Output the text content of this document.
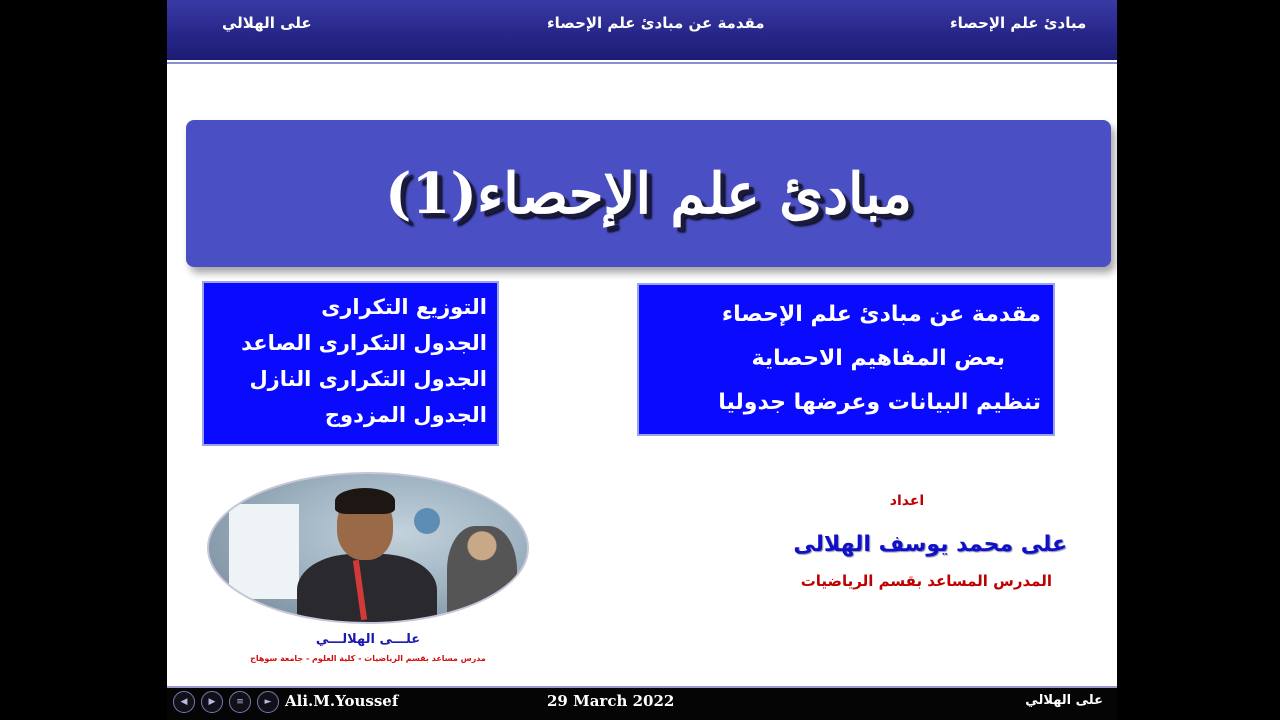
على الهلالي	مقدمة عن مبادئ علم الإحصاء	مبادئ علم الإحصاء
مبادئ علم الإحصاء(1)
التوزيع التكرارى
الجدول التكرارى الصاعد
الجدول التكرارى النازل
الجدول المزدوج
مقدمة عن مبادئ علم الإحصاء
بعض المفاهيم الاحصاية
تنظيم البيانات وعرضها جدوليا
علـــى الهلالـــي
مدرس مساعد بقسم الرياضيات - كلية العلوم - جامعة سوهاج
اعداد
على محمد يوسف الهلالى
المدرس المساعد بقسم الرياضيات
◀	▶	≡	► Ali.M.Youssef	29 March 2022	على الهلالي
